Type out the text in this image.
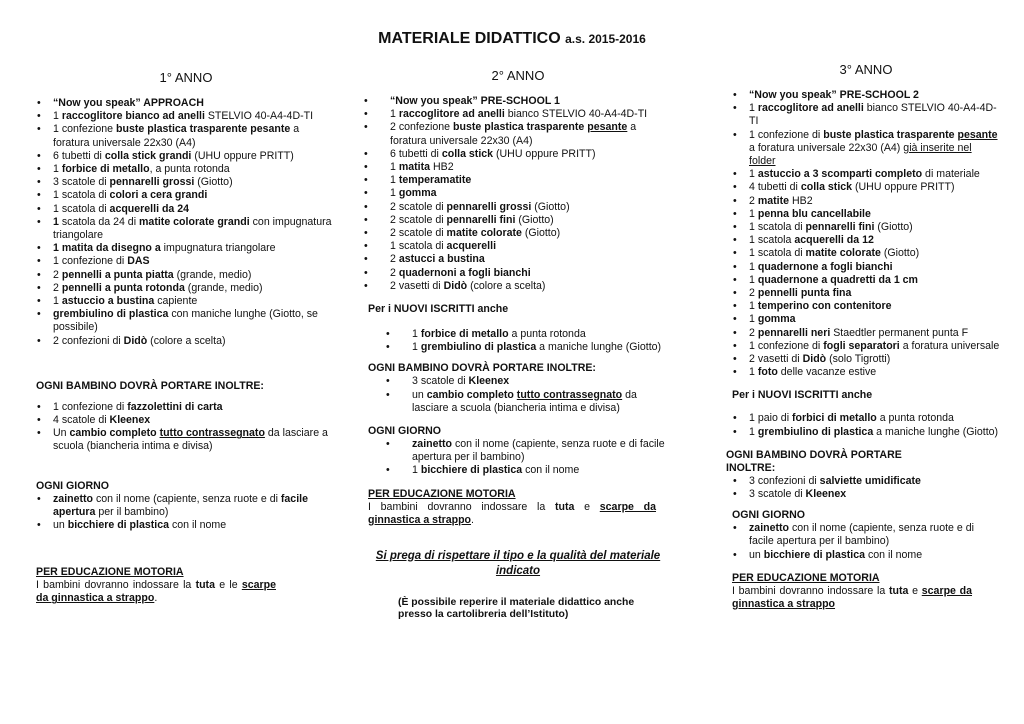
MATERIALE DIDATTICO a.s. 2015-2016
1° ANNO
• “Now you speak” APPROACH
• 1 raccoglitore bianco ad anelli STELVIO 40-A4-4D-TI
• 1 confezione buste plastica trasparente pesante a foratura universale 22x30 (A4)
• 6 tubetti di colla stick grandi (UHU oppure PRITT)
• 1 forbice di metallo, a punta rotonda
• 3 scatole di pennarelli grossi (Giotto)
• 1 scatola di colori a cera grandi
• 1 scatola di acquerelli da 24
• 1 scatola da 24 di matite colorate grandi con impugnatura triangolare
• 1 matita da disegno a impugnatura triangolare
• 1 confezione di DAS
• 2 pennelli a punta piatta (grande, medio)
• 2 pennelli a punta rotonda (grande, medio)
• 1 astuccio a bustina capiente
• grembiulino di plastica con maniche lunghe (Giotto, se possibile)
• 2 confezioni di Didò (colore a scelta)
OGNI BAMBINO DOVRÀ PORTARE INOLTRE:
• 1 confezione di fazzolettini di carta
• 4 scatole di Kleenex
• Un cambio completo tutto contrassegnato da lasciare a scuola (biancheria intima e divisa)
OGNI GIORNO
• zainetto con il nome (capiente, senza ruote e di facile apertura per il bambino)
• un bicchiere di plastica con il nome
PER EDUCAZIONE MOTORIA
I bambini dovranno indossare la tuta e le scarpe da ginnastica a strappo.
2° ANNO
• “Now you speak” PRE-SCHOOL 1
• 1 raccoglitore ad anelli bianco STELVIO 40-A4-4D-TI
• 2 confezione buste plastica trasparente pesante a foratura universale 22x30 (A4)
• 6 tubetti di colla stick (UHU oppure PRITT)
• 1 matita HB2
• 1 temperamatite
• 1 gomma
• 2 scatole di pennarelli grossi (Giotto)
• 2 scatole di pennarelli fini (Giotto)
• 2 scatole di matite colorate (Giotto)
• 1 scatola di acquerelli
• 2 astucci a bustina
• 2 quadernoni a fogli bianchi
• 2 vasetti di Didò (colore a scelta)
Per i NUOVI ISCRITTI anche
• 1 forbice di metallo a punta rotonda
• 1 grembiulino di plastica a maniche lunghe (Giotto)
OGNI BAMBINO DOVRÀ PORTARE INOLTRE:
• 3 scatole di Kleenex
• un cambio completo tutto contrassegnato da lasciare a scuola (biancheria intima e divisa)
OGNI GIORNO
• zainetto con il nome (capiente, senza ruote e di facile apertura per il bambino)
• 1 bicchiere di plastica con il nome
PER EDUCAZIONE MOTORIA
I bambini dovranno indossare la tuta e scarpe da ginnastica a strappo.
Si prega di rispettare il tipo e la qualità del materiale indicato
(È possibile reperire il materiale didattico anche presso la cartolibreria dell’Istituto)
3° ANNO
• “Now you speak” PRE-SCHOOL 2
• 1 raccoglitore ad anelli bianco STELVIO 40-A4-4D-TI
• 1 confezione di buste plastica trasparente pesante a foratura universale 22x30 (A4) già inserite nel folder
• 1 astuccio a 3 scomparti completo di materiale
• 4 tubetti di colla stick (UHU oppure PRITT)
• 2 matite HB2
• 1 penna blu cancellabile
• 1 scatola di pennarelli fini (Giotto)
• 1 scatola acquerelli da 12
• 1 scatola di matite colorate (Giotto)
• 1 quadernone a fogli bianchi
• 1 quadernone a quadretti da 1 cm
• 2 pennelli punta fina
• 1 temperino con contenitore
• 1 gomma
• 2 pennarelli neri Staedtler permanent punta F
• 1 confezione di fogli separatori a foratura universale
• 2 vasetti di Didò (solo Tigrotti)
• 1 foto delle vacanze estive
Per i NUOVI ISCRITTI anche
• 1 paio di forbici di metallo a punta rotonda
• 1 grembiulino di plastica a maniche lunghe (Giotto)
OGNI BAMBINO DOVRÀ PORTARE INOLTRE:
• 3 confezioni di salviette umidificate
• 3 scatole di Kleenex
OGNI GIORNO
• zainetto con il nome (capiente, senza ruote e di facile apertura per il bambino)
• un bicchiere di plastica con il nome
PER EDUCAZIONE MOTORIA
I bambini dovranno indossare la tuta e scarpe da ginnastica a strappo
